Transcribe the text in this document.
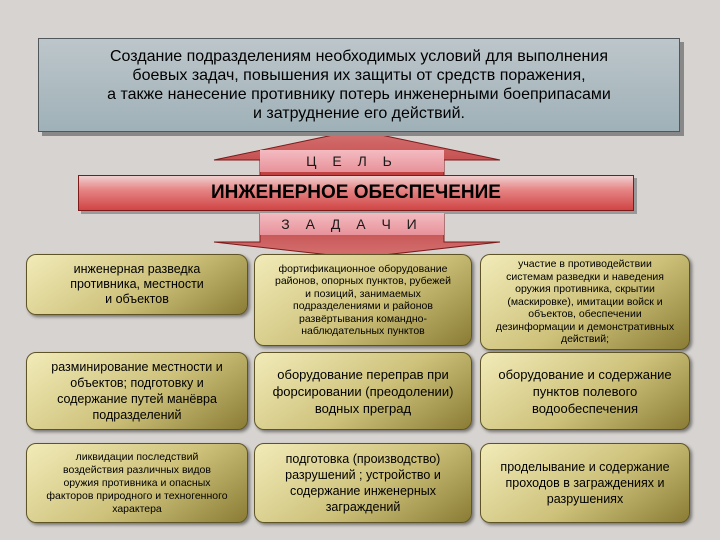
Создание подразделениям необходимых условий для выполнения
боевых задач, повышения их защиты от средств поражения,
а также нанесение противнику потерь инженерными боеприпасами
и затруднение его действий.
Ц Е Л Ь
ИНЖЕНЕРНОЕ ОБЕСПЕЧЕНИЕ
З А Д А Ч И
инженерная разведка
противника, местности
и объектов
фортификационное оборудование
районов, опорных пунктов, рубежей
и позиций, занимаемых
подразделениями и районов
развёртывания командно-
наблюдательных пунктов
участие в противодействии
системам разведки и наведения
оружия противника, скрытии
(маскировке), имитации войск и
объектов, обеспечении
дезинформации и демонстративных
действий;
разминирование местности и
объектов; подготовку и
содержание путей манёвра
подразделений
оборудование переправ при
форсировании (преодолении)
водных преград
оборудование и содержание
пунктов полевого
водообеспечения
ликвидации последствий
воздействия различных видов
оружия противника и опасных
факторов природного и техногенного
характера
подготовка (производство)
разрушений ; устройство и
содержание инженерных
заграждений
проделывание и содержание
проходов в заграждениях и
разрушениях
